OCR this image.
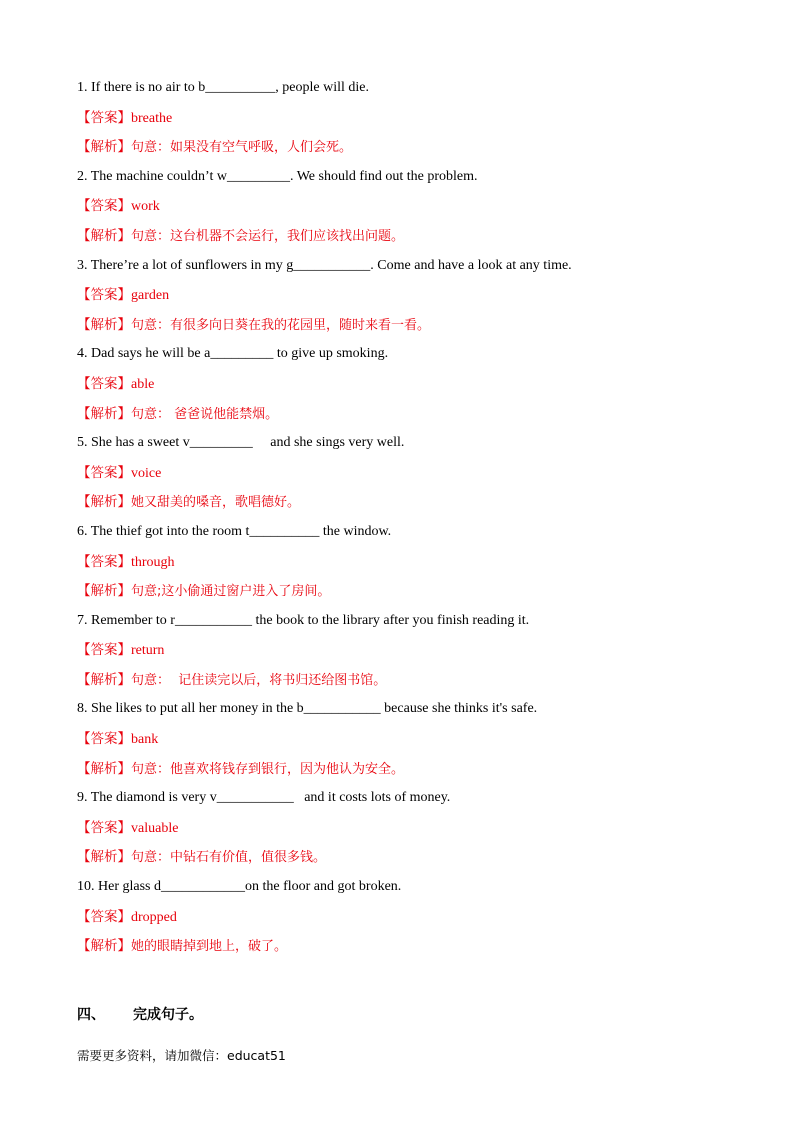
1. If there is no air to b__________, people will die.
【答案】breathe
【解析】句意：如果没有空气呼吸，人们会死。
2. The machine couldn’t w_________. We should find out the problem.
【答案】work
【解析】句意：这台机器不会运行，我们应该找出问题。
3. There’re a lot of sunflowers in my g___________. Come and have a look at any time.
【答案】garden
【解析】句意：有很多向日葵在我的花园里，随时来看一看。
4. Dad says he will be a_________ to give up smoking.
【答案】able
【解析】句意： 爸爸说他能禁烟。
5. She has a sweet v_________     and she sings very well.
【答案】voice
【解析】她又甜美的嗓音，歌唱德好。
6. The thief got into the room t__________ the window.
【答案】through
【解析】句意;这小偷通过窗户进入了房间。
7. Remember to r___________ the book to the library after you finish reading it.
【答案】return
【解析】句意：  记住读完以后，将书归还给图书馆。
8. She likes to put all her money in the b___________ because she thinks it's safe.
【答案】bank
【解析】句意：他喜欢将钱存到银行，因为他认为安全。
9. The diamond is very v___________   and it costs lots of money.
【答案】valuable
【解析】句意：中钻石有价值，值很多钱。
10. Her glass d____________on the floor and got broken.
【答案】dropped
【解析】她的眼睛掉到地上，破了。
四、 完成句子。
需要更多资料，请加微信：educat51
